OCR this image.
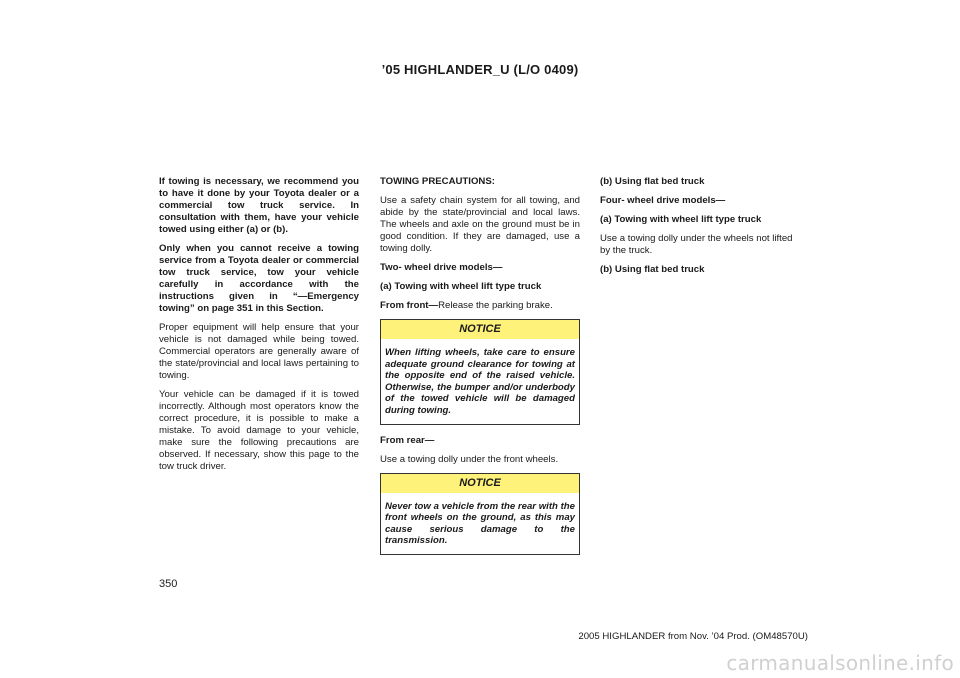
’05 HIGHLANDER_U (L/O 0409)

If towing is necessary, we recommend you to have it done by your Toyota dealer or a commercial tow truck service. In consultation with them, have your vehicle towed using either (a) or (b).

Only when you cannot receive a towing service from a Toyota dealer or commercial tow truck service, tow your vehicle carefully in accordance with the instructions given in “—Emergency towing” on page 351 in this Section.

Proper equipment will help ensure that your vehicle is not damaged while being towed. Commercial operators are generally aware of the state/provincial and local laws pertaining to towing.

Your vehicle can be damaged if it is towed incorrectly. Although most operators know the correct procedure, it is possible to make a mistake. To avoid damage to your vehicle, make sure the following precautions are observed. If necessary, show this page to the tow truck driver.

TOWING PRECAUTIONS:

Use a safety chain system for all towing, and abide by the state/provincial and local laws. The wheels and axle on the ground must be in good condition. If they are damaged, use a towing dolly.

Two- wheel drive models—

(a) Towing with wheel lift type truck

From front—Release the parking brake.

NOTICE
When lifting wheels, take care to ensure adequate ground clearance for towing at the opposite end of the raised vehicle. Otherwise, the bumper and/or underbody of the towed vehicle will be damaged during towing.

From rear—

Use a towing dolly under the front wheels.

NOTICE
Never tow a vehicle from the rear with the front wheels on the ground, as this may cause serious damage to the transmission.

(b) Using flat bed truck

Four- wheel drive models—

(a) Towing with wheel lift type truck

Use a towing dolly under the wheels not lifted by the truck.

(b) Using flat bed truck

350
2005 HIGHLANDER from Nov. ’04 Prod. (OM48570U)
carmanualsonline.info
